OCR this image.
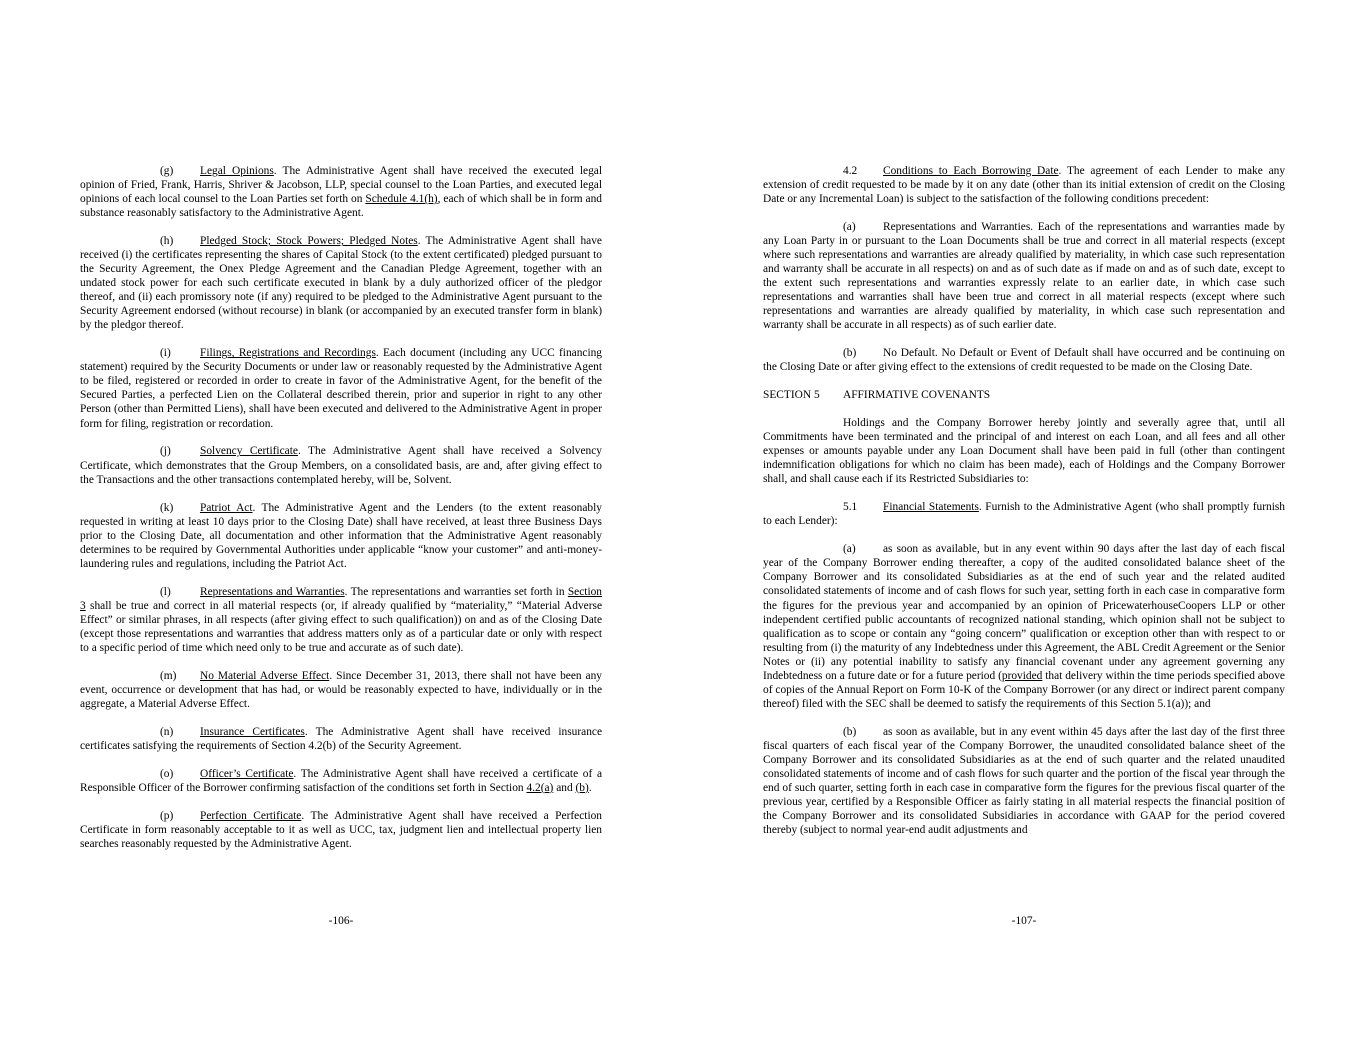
(g) Legal Opinions. The Administrative Agent shall have received the executed legal opinion of Fried, Frank, Harris, Shriver & Jacobson, LLP, special counsel to the Loan Parties, and executed legal opinions of each local counsel to the Loan Parties set forth on Schedule 4.1(h), each of which shall be in form and substance reasonably satisfactory to the Administrative Agent.

(h) Pledged Stock; Stock Powers; Pledged Notes. The Administrative Agent shall have received (i) the certificates representing the shares of Capital Stock (to the extent certificated) pledged pursuant to the Security Agreement, the Onex Pledge Agreement and the Canadian Pledge Agreement, together with an undated stock power for each such certificate executed in blank by a duly authorized officer of the pledgor thereof, and (ii) each promissory note (if any) required to be pledged to the Administrative Agent pursuant to the Security Agreement endorsed (without recourse) in blank (or accompanied by an executed transfer form in blank) by the pledgor thereof.

(i)	Filings, Registrations and Recordings. Each document (including any UCC financing statement) required by the Security Documents or under law or reasonably requested by the Administrative Agent to be filed, registered or recorded in order to create in favor of the Administrative Agent, for the benefit of the Secured Parties, a perfected Lien on the Collateral described therein, prior and superior in right to any other Person (other than Permitted Liens), shall have been executed and delivered to the Administrative Agent in proper form for filing, registration or recordation.

(j)	Solvency Certificate. The Administrative Agent shall have received a Solvency Certificate, which demonstrates that the Group Members, on a consolidated basis, are and, after giving effect to the Transactions and the other transactions contemplated hereby, will be, Solvent.

(k) Patriot Act. The Administrative Agent and the Lenders (to the extent reasonably requested in writing at least 10 days prior to the Closing Date) shall have received, at least three Business Days prior to the Closing Date, all documentation and other information that the Administrative Agent reasonably determines to be required by Governmental Authorities under applicable “know your customer” and anti-money-laundering rules and regulations, including the Patriot Act.

(l)	Representations and Warranties. The representations and warranties set forth in Section 3 shall be true and correct in all material respects (or, if already qualified by “materiality,” “Material Adverse Effect” or similar phrases, in all respects (after giving effect to such qualification)) on and as of the Closing Date (except those representations and warranties that address matters only as of a particular date or only with respect to a specific period of time which need only to be true and accurate as of such date).

(m) No Material Adverse Effect. Since December 31, 2013, there shall not have been any event, occurrence or development that has had, or would be reasonably expected to have, individually or in the aggregate, a Material Adverse Effect.

(n) Insurance Certificates. The Administrative Agent shall have received insurance certificates satisfying the requirements of Section 4.2(b) of the Security Agreement.

(o) Officer’s Certificate. The Administrative Agent shall have received a certificate of a Responsible Officer of the Borrower confirming satisfaction of the conditions set forth in Section 4.2(a) and (b).

(p) Perfection Certificate. The Administrative Agent shall have received a Perfection Certificate in form reasonably acceptable to it as well as UCC, tax, judgment lien and intellectual property lien searches reasonably requested by the Administrative Agent.

-106-

4.2 Conditions to Each Borrowing Date. The agreement of each Lender to make any extension of credit requested to be made by it on any date (other than its initial extension of credit on the Closing Date or any Incremental Loan) is subject to the satisfaction of the following conditions precedent:

(a) Representations and Warranties. Each of the representations and warranties made by any Loan Party in or pursuant to the Loan Documents shall be true and correct in all material respects (except where such representations and warranties are already qualified by materiality, in which case such representation and warranty shall be accurate in all respects) on and as of such date as if made on and as of such date, except to the extent such representations and warranties expressly relate to an earlier date, in which case such representations and warranties shall have been true and correct in all material respects (except where such representations and warranties are already qualified by materiality, in which case such representation and warranty shall be accurate in all respects) as of such earlier date.

(b) No Default. No Default or Event of Default shall have occurred and be continuing on the Closing Date or after giving effect to the extensions of credit requested to be made on the Closing Date.

SECTION 5 AFFIRMATIVE COVENANTS

Holdings and the Company Borrower hereby jointly and severally agree that, until all Commitments have been terminated and the principal of and interest on each Loan, and all fees and all other expenses or amounts payable under any Loan Document shall have been paid in full (other than contingent indemnification obligations for which no claim has been made), each of Holdings and the Company Borrower shall, and shall cause each if its Restricted Subsidiaries to:

5.1 Financial Statements. Furnish to the Administrative Agent (who shall promptly furnish to each Lender):

(a) as soon as available, but in any event within 90 days after the last day of each fiscal year of the Company Borrower ending thereafter, a copy of the audited consolidated balance sheet of the Company Borrower and its consolidated Subsidiaries as at the end of such year and the related audited consolidated statements of income and of cash flows for such year, setting forth in each case in comparative form the figures for the previous year and accompanied by an opinion of PricewaterhouseCoopers LLP or other independent certified public accountants of recognized national standing, which opinion shall not be subject to qualification as to scope or contain any “going concern” qualification or exception other than with respect to or resulting from (i) the maturity of any Indebtedness under this Agreement, the ABL Credit Agreement or the Senior Notes or (ii) any potential inability to satisfy any financial covenant under any agreement governing any Indebtedness on a future date or for a future period (provided that delivery within the time periods specified above of copies of the Annual Report on Form 10-K of the Company Borrower (or any direct or indirect parent company thereof) filed with the SEC shall be deemed to satisfy the requirements of this Section 5.1(a)); and

(b) as soon as available, but in any event within 45 days after the last day of the first three fiscal quarters of each fiscal year of the Company Borrower, the unaudited consolidated balance sheet of the Company Borrower and its consolidated Subsidiaries as at the end of such quarter and the related unaudited consolidated statements of income and of cash flows for such quarter and the portion of the fiscal year through the end of such quarter, setting forth in each case in comparative form the figures for the previous fiscal quarter of the previous year, certified by a Responsible Officer as fairly stating in all material respects the financial position of the Company Borrower and its consolidated Subsidiaries in accordance with GAAP for the period covered thereby (subject to normal year-end audit adjustments and

-107-
